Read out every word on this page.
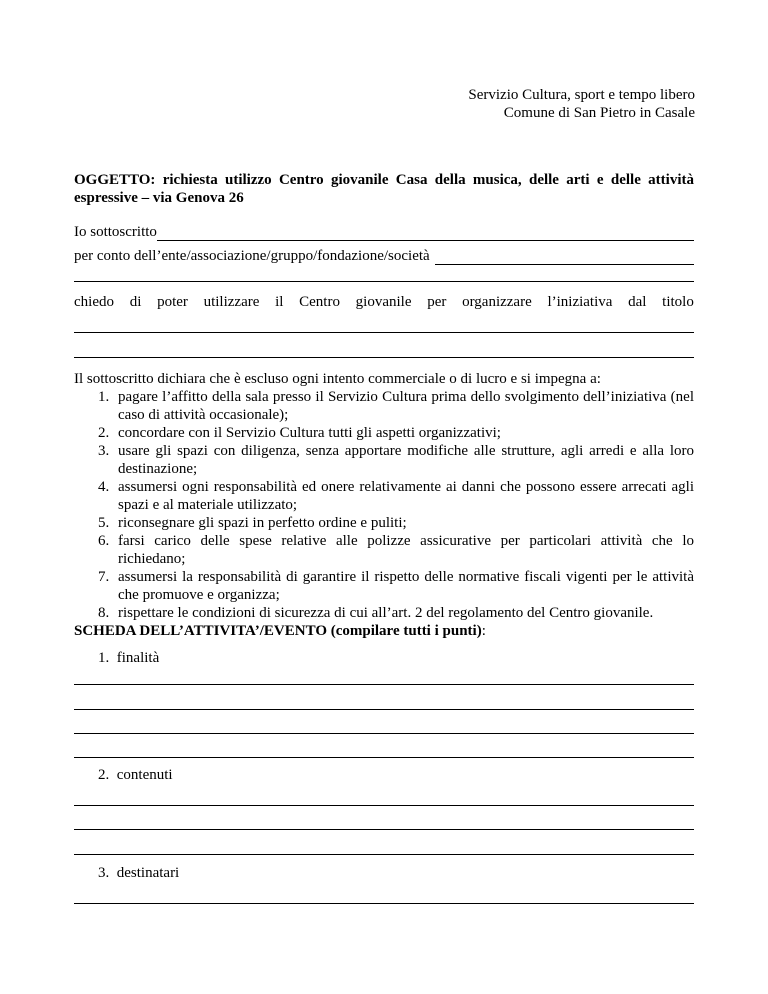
Servizio Cultura, sport e tempo libero
Comune di San Pietro in Casale
OGGETTO: richiesta utilizzo Centro giovanile Casa della musica, delle arti e delle attività
espressive – via Genova 26
Io sottoscritto
per conto dell’ente/associazione/gruppo/fondazione/società
chiedo di poter utilizzare il Centro giovanile per organizzare l’iniziativa dal titolo
Il sottoscritto dichiara che è escluso ogni intento commerciale o di lucro e si impegna a:
1. pagare l’affitto della sala presso il Servizio Cultura prima dello svolgimento dell’iniziativa (nel caso di attività occasionale);
2. concordare con il Servizio Cultura tutti gli aspetti organizzativi;
3. usare gli spazi con diligenza, senza apportare modifiche alle strutture, agli arredi e alla loro destinazione;
4. assumersi ogni responsabilità ed onere relativamente ai danni che possono essere arrecati agli spazi e al materiale utilizzato;
5. riconsegnare gli spazi in perfetto ordine e puliti;
6. farsi carico delle spese relative alle polizze assicurative per particolari attività che lo richiedano;
7. assumersi la responsabilità di garantire il rispetto delle normative fiscali vigenti per le attività che promuove e organizza;
8. rispettare le condizioni di sicurezza di cui all’art. 2 del regolamento del Centro giovanile.
SCHEDA DELL’ATTIVITA’/EVENTO (compilare tutti i punti):
1. finalità
2. contenuti
3. destinatari
